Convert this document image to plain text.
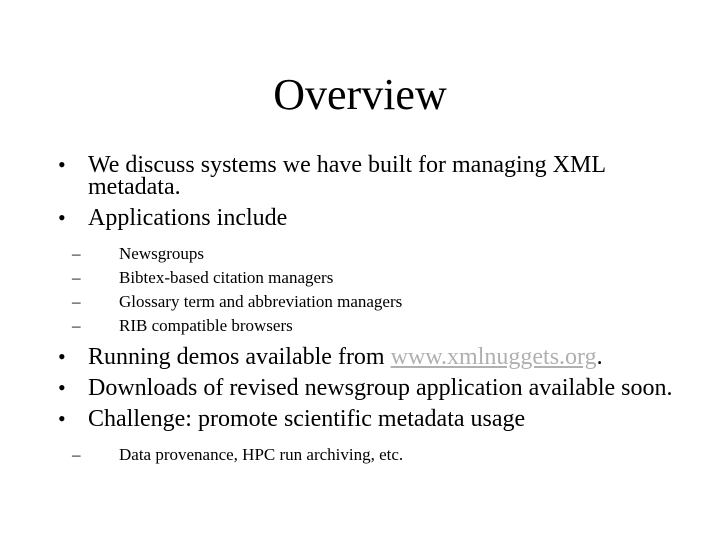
Overview

• We discuss systems we have built for managing XML metadata.

• Applications include

– Newsgroups

– Bibtex-based citation managers

– Glossary term and abbreviation managers

– RIB compatible browsers

• Running demos available from www.xmlnuggets.org.

• Downloads of revised newsgroup application available soon.

• Challenge: promote scientific metadata usage

– Data provenance, HPC run archiving, etc.
